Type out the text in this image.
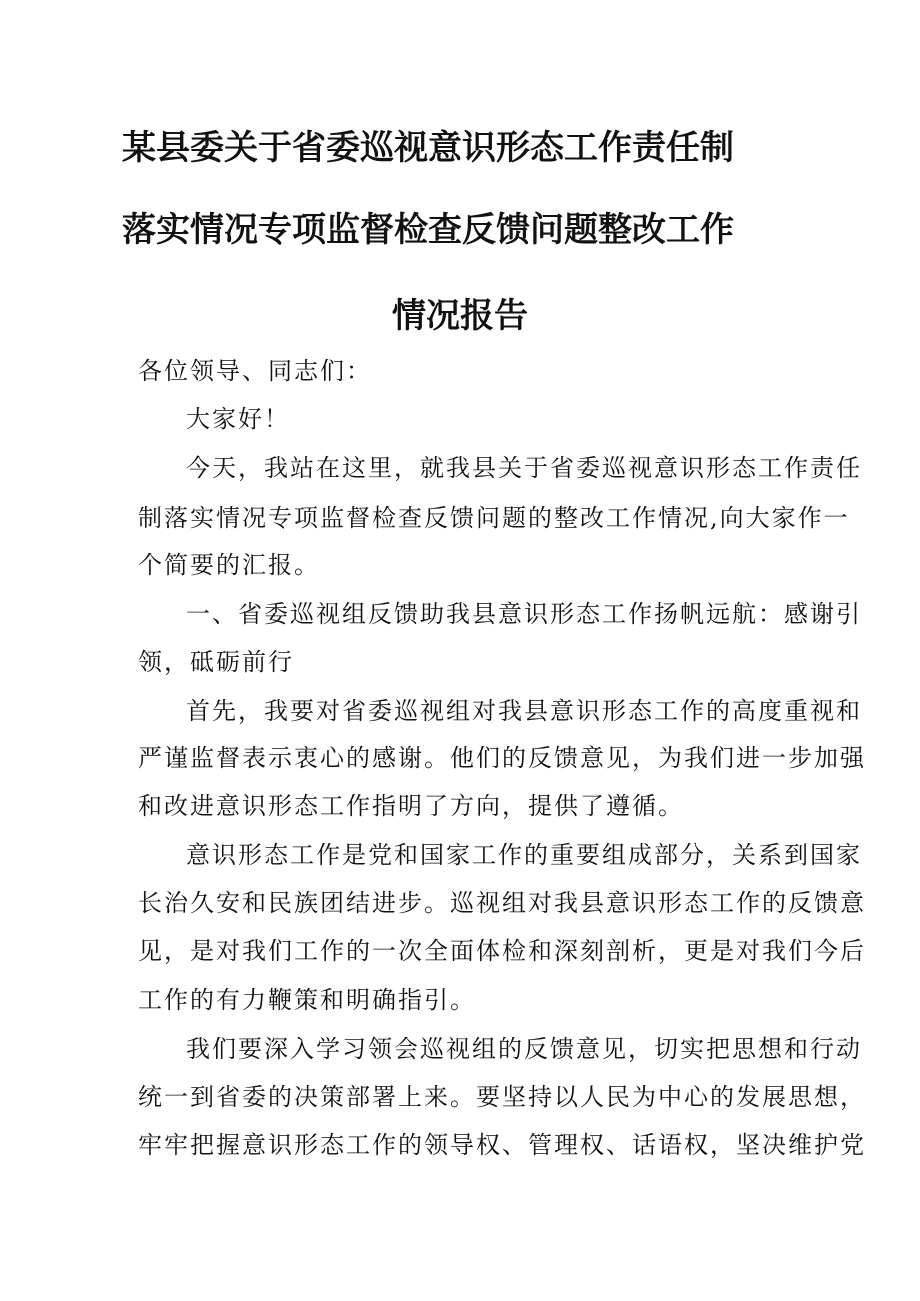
某县委关于省委巡视意识形态工作责任制
落实情况专项监督检查反馈问题整改工作
情况报告
各位领导、同志们：
大家好！
今天，我站在这里，就我县关于省委巡视意识形态工作责任
制落实情况专项监督检查反馈问题的整改工作情况,向大家作一
个简要的汇报。
一、省委巡视组反馈助我县意识形态工作扬帆远航：感谢引
领，砥砺前行
首先，我要对省委巡视组对我县意识形态工作的高度重视和
严谨监督表示衷心的感谢。他们的反馈意见，为我们进一步加强
和改进意识形态工作指明了方向，提供了遵循。
意识形态工作是党和国家工作的重要组成部分，关系到国家
长治久安和民族团结进步。巡视组对我县意识形态工作的反馈意
见，是对我们工作的一次全面体检和深刻剖析，更是对我们今后
工作的有力鞭策和明确指引。
我们要深入学习领会巡视组的反馈意见，切实把思想和行动
统一到省委的决策部署上来。要坚持以人民为中心的发展思想，
牢牢把握意识形态工作的领导权、管理权、话语权，坚决维护党
